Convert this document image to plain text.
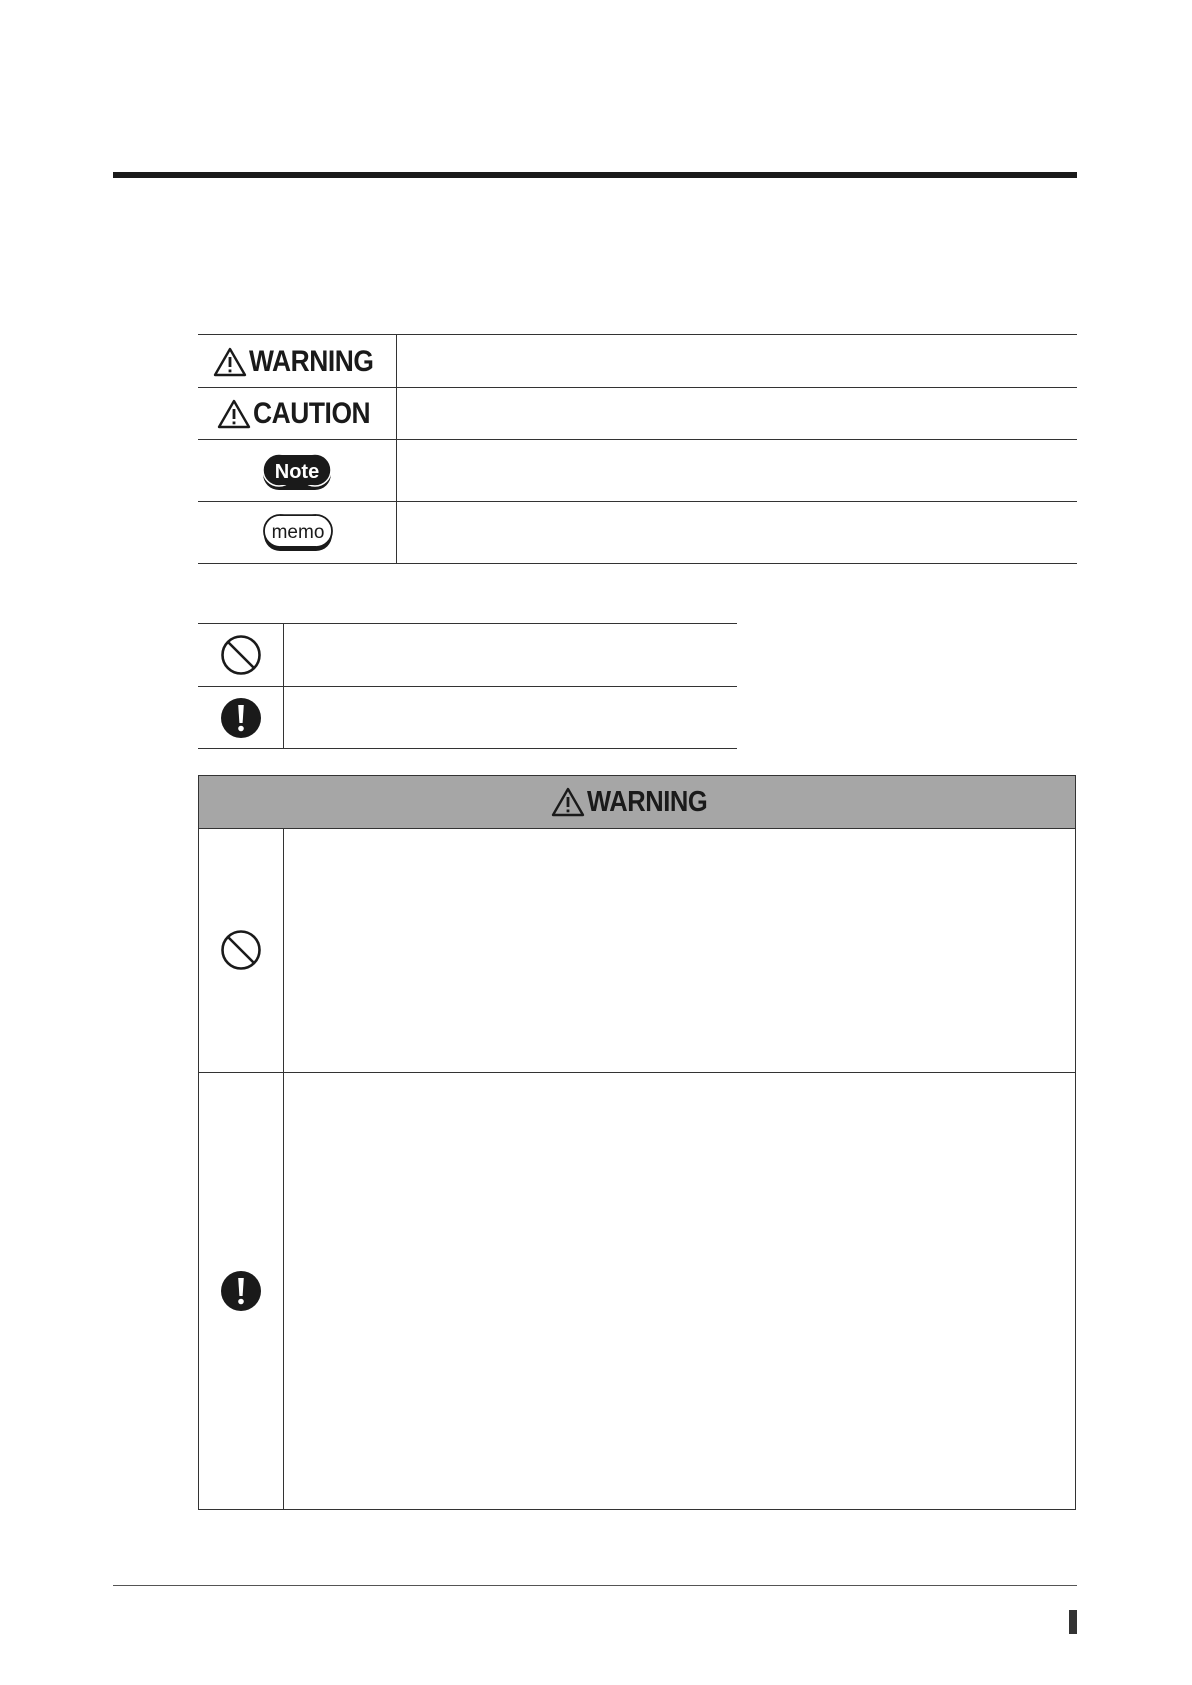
WARNING
CAUTION
Note
memo
WARNING
